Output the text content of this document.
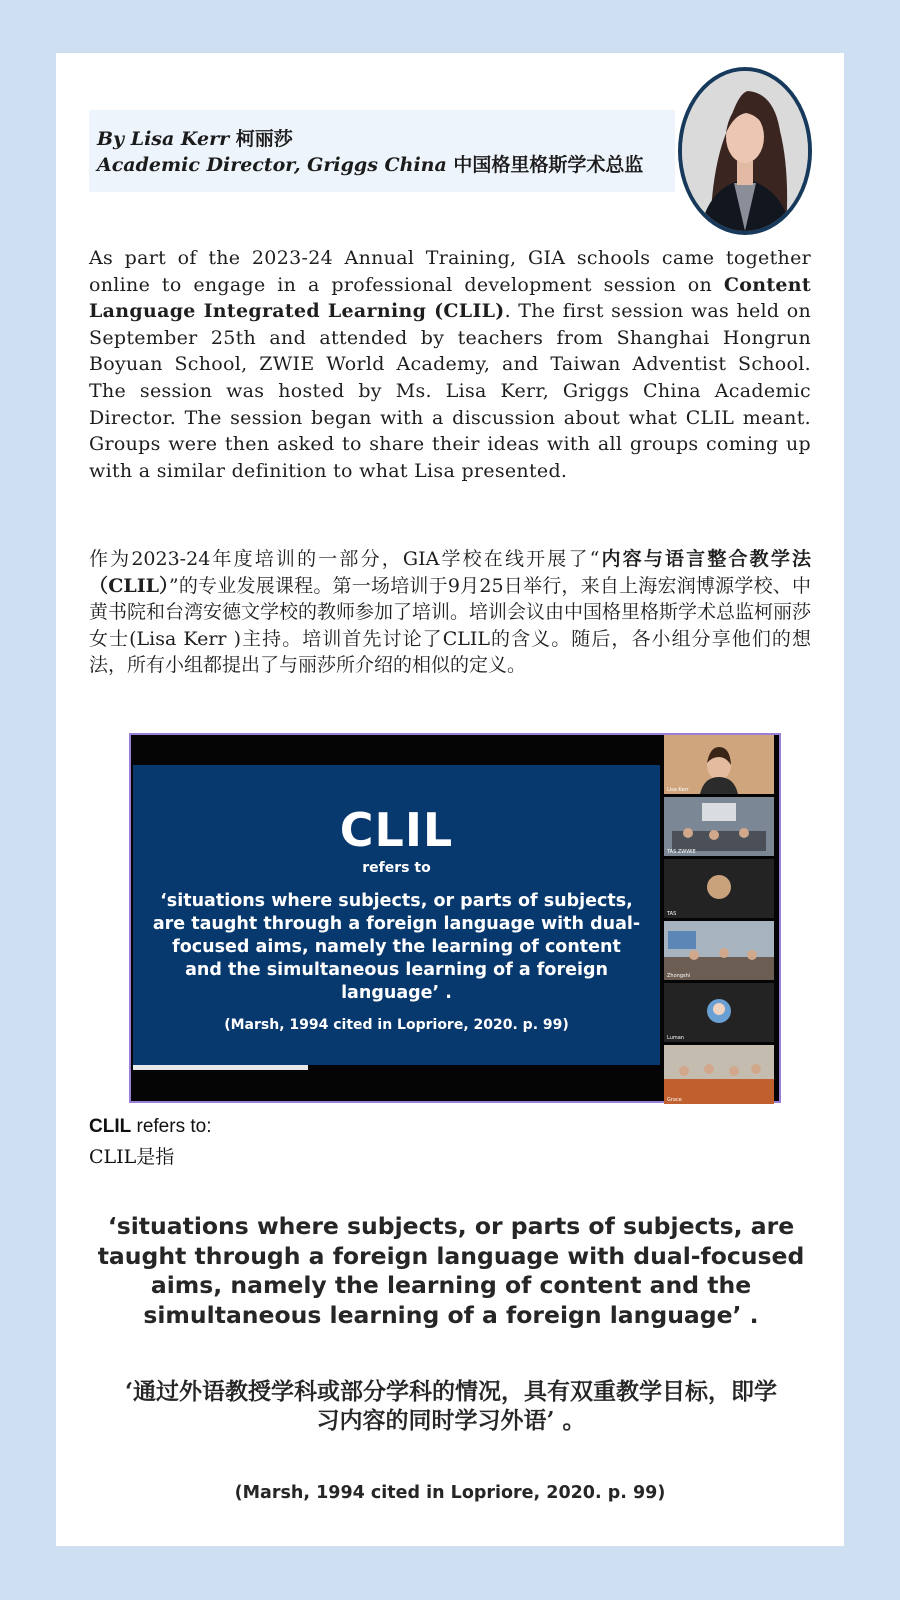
By Lisa Kerr 柯丽莎
Academic Director, Griggs China 中国格里格斯学术总监
As part of the 2023-24 Annual Training, GIA schools came together online to engage in a professional development session on Content Language Integrated Learning (CLIL). The first session was held on September 25th and attended by teachers from Shanghai Hongrun Boyuan School, ZWIE World Academy, and Taiwan Adventist School. The session was hosted by Ms. Lisa Kerr, Griggs China Academic Director. The session began with a discussion about what CLIL meant. Groups were then asked to share their ideas with all groups coming up with a similar definition to what Lisa presented.
作为2023-24年度培训的一部分，GIA学校在线开展了“内容与语言整合教学法（CLIL）”的专业发展课程。第一场培训于9月25日举行，来自上海宏润博源学校、中黄书院和台湾安德文学校的教师参加了培训。培训会议由中国格里格斯学术总监柯丽莎女士(Lisa Kerr )主持。培训首先讨论了CLIL的含义。随后，各小组分享他们的想法，所有小组都提出了与丽莎所介绍的相似的定义。
CLIL
refers to
‘situations where subjects, or parts of subjects, are taught through a foreign language with dual-focused aims, namely the learning of content and the simultaneous learning of a foreign language’ .
(Marsh, 1994 cited in Lopriore, 2020. p. 99)
Lisa Kerr
TAS ZWWIE
TAS
Zhongshi
Luman
Grace
CLIL refers to:
CLIL是指
‘situations where subjects, or parts of subjects, are taught through a foreign language with dual-focused aims, namely the learning of content and the simultaneous learning of a foreign language’ .
‘通过外语教授学科或部分学科的情况，具有双重教学目标，即学习内容的同时学习外语’ 。
(Marsh, 1994 cited in Lopriore, 2020. p. 99)
